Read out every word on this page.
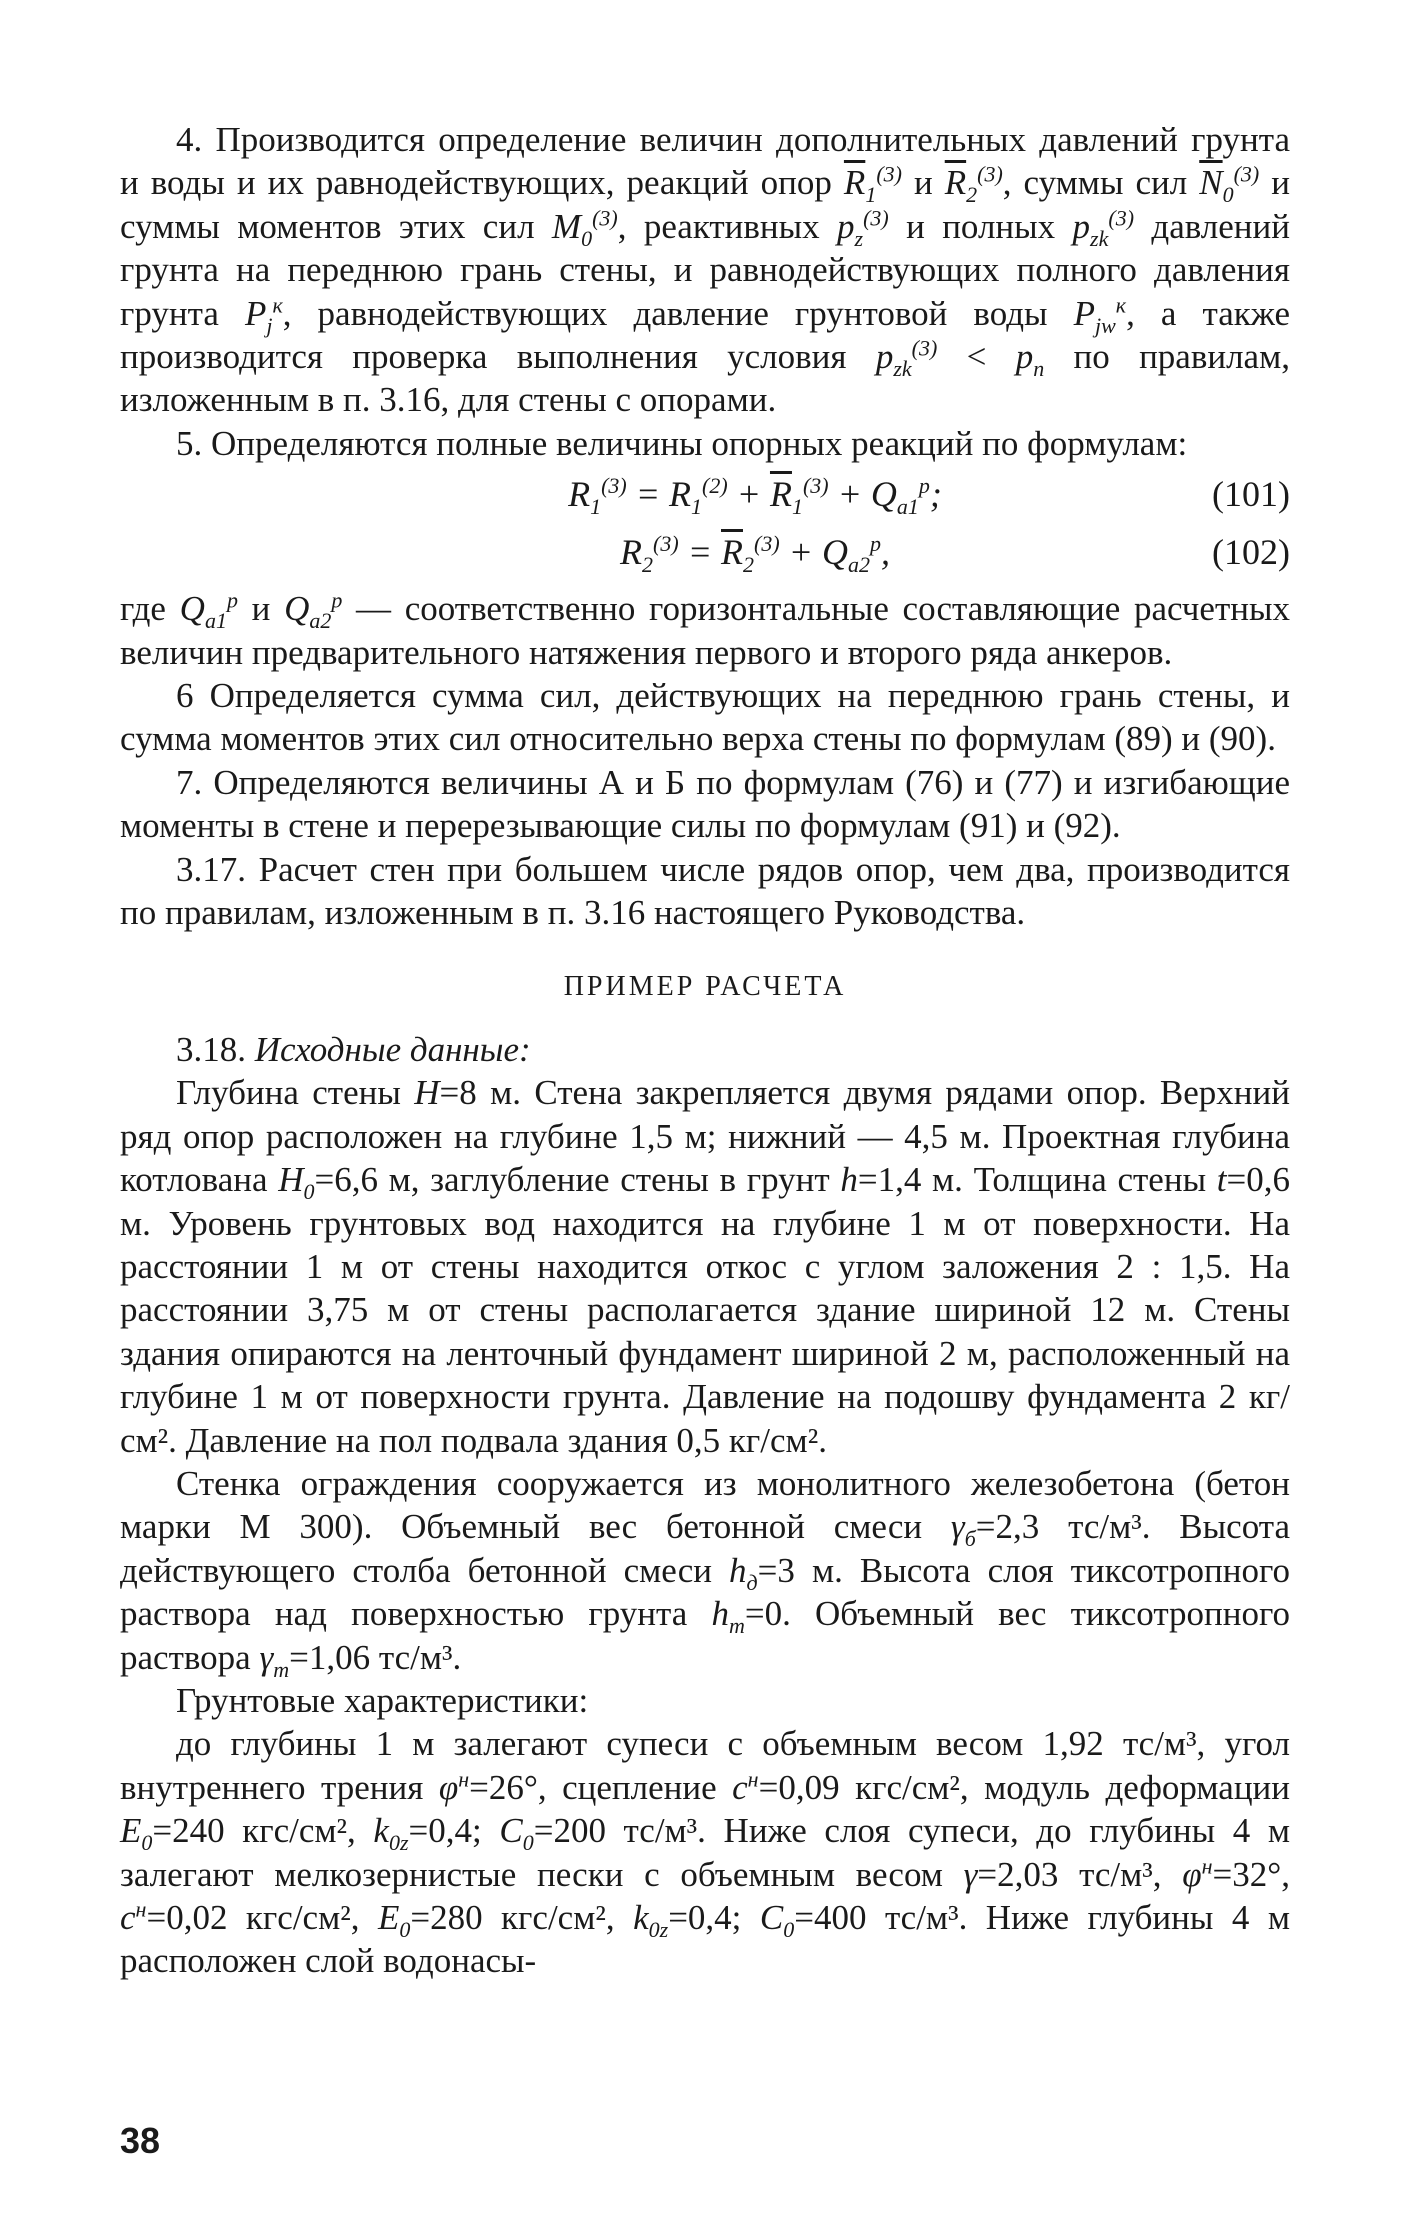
4. Производится определение величин дополнительных давлений грунта и воды и их равнодействующих, реакций опор $\overline{R}_1^{(3)}$ и $\overline{R}_2^{(3)}$, суммы сил $\overline{N}_0^{(3)}$ и суммы моментов этих сил $M_0^{(3)}$, реактивных $p_z^{(3)}$ и полных $p_{zk}^{(3)}$ давлений грунта на переднюю грань стены, и равнодействующих полного давления грунта $P_j^к$, равнодействующих давление грунтовой воды $P_{jw}^к$, а также производится проверка выполнения условия $p_{zk}^{(3)} < p_п$ по правилам, изложенным в п. 3.16, для стены с опорами.

5. Определяются полные величины опорных реакций по формулам:

$R_1^{(3)} = R_1^{(2)} + \overline{R}_1^{(3)} + Q_{a1}^р$;	(101)
$R_2^{(3)} = \overline{R}_2^{(3)} + Q_{a2}^р$,	(102)

где $Q_{a1}^р$ и $Q_{a2}^р$ — соответственно горизонтальные составляющие расчетных величин предварительного натяжения первого и второго ряда анкеров.

6 Определяется сумма сил, действующих на переднюю грань стены, и сумма моментов этих сил относительно верха стены по формулам (89) и (90).

7. Определяются величины А и Б по формулам (76) и (77) и изгибающие моменты в стене и перерезывающие силы по формулам (91) и (92).

3.17. Расчет стен при большем числе рядов опор, чем два, производится по правилам, изложенным в п. 3.16 настоящего Руководства.

ПРИМЕР РАСЧЕТА

3.18. Исходные данные:

Глубина стены H=8 м. Стена закрепляется двумя рядами опор. Верхний ряд опор расположен на глубине 1,5 м; нижний — 4,5 м. Проектная глубина котлована $H_0=6,6$ м, заглубление стены в грунт h=1,4 м. Толщина стены t=0,6 м. Уровень грунтовых вод находится на глубине 1 м от поверхности. На расстоянии 1 м от стены находится откос с углом заложения 2 : 1,5. На расстоянии 3,75 м от стены располагается здание шириной 12 м. Стены здания опираются на ленточный фундамент шириной 2 м, расположенный на глубине 1 м от поверхности грунта. Давление на подошву фундамента 2 кг/см². Давление на пол подвала здания 0,5 кг/см².

Стенка ограждения сооружается из монолитного железобетона (бетон марки М 300). Объемный вес бетонной смеси $\gamma_б=2,3$ тс/м³. Высота действующего столба бетонной смеси $h_д=3$ м. Высота слоя тиксотропного раствора над поверхностью грунта $h_т=0$. Объемный вес тиксотропного раствора $\gamma_т=1,06$ тс/м³.

Грунтовые характеристики:

до глубины 1 м залегают супеси с объемным весом 1,92 тс/м³, угол внутреннего трения $\varphi^н=26^\circ$, сцепление $c^н=0,09$ кгс/см², модуль деформации $E_0=240$ кгс/см², $k_{0z}=0,4$; $C_0=200$ тс/м³. Ниже слоя супеси, до глубины 4 м залегают мелкозернистые пески с объемным весом γ=2,03 тс/м³, $\varphi^н=32^\circ$, $c^н=0,02$ кгс/см², $E_0=280$ кгс/см², $k_{0z}=0,4$; $C_0=400$ тс/м³. Ниже глубины 4 м расположен слой водонасы-

38
